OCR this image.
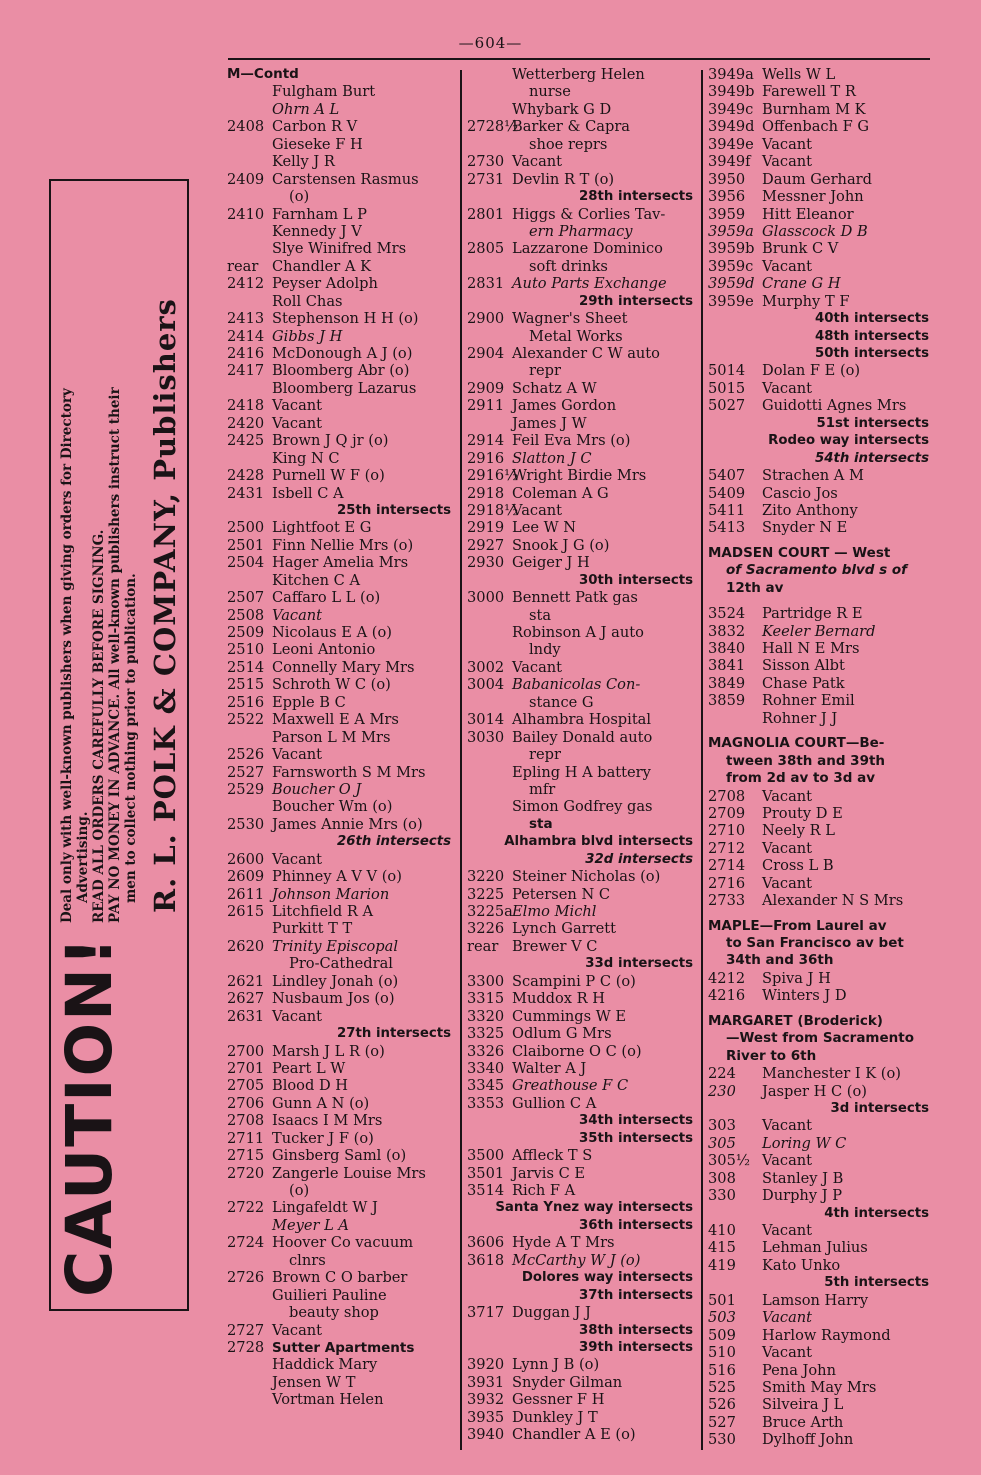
—604—
CAUTION!
Deal only with well-known publishers when giving orders for Directory Advertising. READ ALL ORDERS CAREFULLY BEFORE SIGNING. PAY NO MONEY IN ADVANCE. All well-known publishers instruct their men to collect nothing prior to publication. R. L. POLK & COMPANY, Publishers
M—Contd
Fulgham Burt
Ohrn A L
2408 Carbon R V
Gieseke F H
Kelly J R
2409 Carstensen Rasmus
(o)
2410 Farnham L P
Kennedy J V
Slye Winifred Mrs
rear Chandler A K
2412 Peyser Adolph
Roll Chas
2413 Stephenson H H (o)
2414 Gibbs J H
2416 McDonough A J (o)
2417 Bloomberg Abr (o)
Bloomberg Lazarus
2418 Vacant
2420 Vacant
2425 Brown J Q jr (o)
King N C
2428 Purnell W F (o)
2431 Isbell C A
25th intersects
2500 Lightfoot E G
2501 Finn Nellie Mrs (o)
2504 Hager Amelia Mrs
Kitchen C A
2507 Caffaro L L (o)
2508 Vacant
2509 Nicolaus E A (o)
2510 Leoni Antonio
2514 Connelly Mary Mrs
2515 Schroth W C (o)
2516 Epple B C
2522 Maxwell E A Mrs
Parson L M Mrs
2526 Vacant
2527 Farnsworth S M Mrs
2529 Boucher O J
Boucher Wm (o)
2530 James Annie Mrs (o)
26th intersects
2600 Vacant
2609 Phinney A V V (o)
2611 Johnson Marion
2615 Litchfield R A
Purkitt T T
2620 Trinity Episcopal
Pro-Cathedral
2621 Lindley Jonah (o)
2627 Nusbaum Jos (o)
2631 Vacant
27th intersects
2700 Marsh J L R (o)
2701 Peart L W
2705 Blood D H
2706 Gunn A N (o)
2708 Isaacs I M Mrs
2711 Tucker J F (o)
2715 Ginsberg Saml (o)
2720 Zangerle Louise Mrs
(o)
2722 Lingafeldt W J
Meyer L A
2724 Hoover Co vacuum
clnrs
2726 Brown C O barber
Guilieri Pauline
beauty shop
2727 Vacant
2728 Sutter Apartments
Haddick Mary
Jensen W T
Vortman Helen
Wetterberg Helen
nurse
Whybark G D
2728½Barker & Capra
shoe reprs
2730 Vacant
2731 Devlin R T (o)
28th intersects
2801 Higgs & Corlies Tav-
ern Pharmacy
2805 Lazzarone Dominico
soft drinks
2831 Auto Parts Exchange
29th intersects
2900 Wagner's Sheet
Metal Works
2904 Alexander C W auto
repr
2909 Schatz A W
2911 James Gordon
James J W
2914 Feil Eva Mrs (o)
2916 Slatton J C
2916½Wright Birdie Mrs
2918 Coleman A G
2918½Vacant
2919 Lee W N
2927 Snook J G (o)
2930 Geiger J H
30th intersects
3000 Bennett Patk gas
sta
Robinson A J auto
lndy
3002 Vacant
3004 Babanicolas Con-
stance G
3014 Alhambra Hospital
3030 Bailey Donald auto
repr
Epling H A battery
mfr
Simon Godfrey gas
sta
Alhambra blvd intersects
32d intersects
3220 Steiner Nicholas (o)
3225 Petersen N C
3225aElmo Michl
3226 Lynch Garrett
rear Brewer V C
33d intersects
3300 Scampini P C (o)
3315 Muddox R H
3320 Cummings W E
3325 Odlum G Mrs
3326 Claiborne O C (o)
3340 Walter A J
3345 Greathouse F C
3353 Gullion C A
34th intersects
35th intersects
3500 Affleck T S
3501 Jarvis C E
3514 Rich F A
Santa Ynez way intersects
36th intersects
3606 Hyde A T Mrs
3618 McCarthy W J (o)
Dolores way intersects
37th intersects
3717 Duggan J J
38th intersects
39th intersects
3920 Lynn J B (o)
3931 Snyder Gilman
3932 Gessner F H
3935 Dunkley J T
3940 Chandler A E (o)
3949a Wells W L
3949b Farewell T R
3949c Burnham M K
3949d Offenbach F G
3949e Vacant
3949f Vacant
3950 Daum Gerhard
3956 Messner John
3959 Hitt Eleanor
3959a Glasscock D B
3959b Brunk C V
3959c Vacant
3959d Crane G H
3959e Murphy T F
40th intersects
48th intersects
50th intersects
5014 Dolan F E (o)
5015 Vacant
5027 Guidotti Agnes Mrs
51st intersects
Rodeo way intersects
54th intersects
5407 Strachen A M
5409 Cascio Jos
5411 Zito Anthony
5413 Snyder N E
MADSEN COURT — West
of Sacramento blvd s of
12th av
3524 Partridge R E
3832 Keeler Bernard
3840 Hall N E Mrs
3841 Sisson Albt
3849 Chase Patk
3859 Rohner Emil
Rohner J J
MAGNOLIA COURT—Be-
tween 38th and 39th
from 2d av to 3d av
2708 Vacant
2709 Prouty D E
2710 Neely R L
2712 Vacant
2714 Cross L B
2716 Vacant
2733 Alexander N S Mrs
MAPLE—From Laurel av
to San Francisco av bet
34th and 36th
4212 Spiva J H
4216 Winters J D
MARGARET (Broderick)
—West from Sacramento
River to 6th
224 Manchester I K (o)
230 Jasper H C (o)
3d intersects
303 Vacant
305 Loring W C
305½ Vacant
308 Stanley J B
330 Durphy J P
4th intersects
410 Vacant
415 Lehman Julius
419 Kato Unko
5th intersects
501 Lamson Harry
503 Vacant
509 Harlow Raymond
510 Vacant
516 Pena John
525 Smith May Mrs
526 Silveira J L
527 Bruce Arth
530 Dylhoff John
